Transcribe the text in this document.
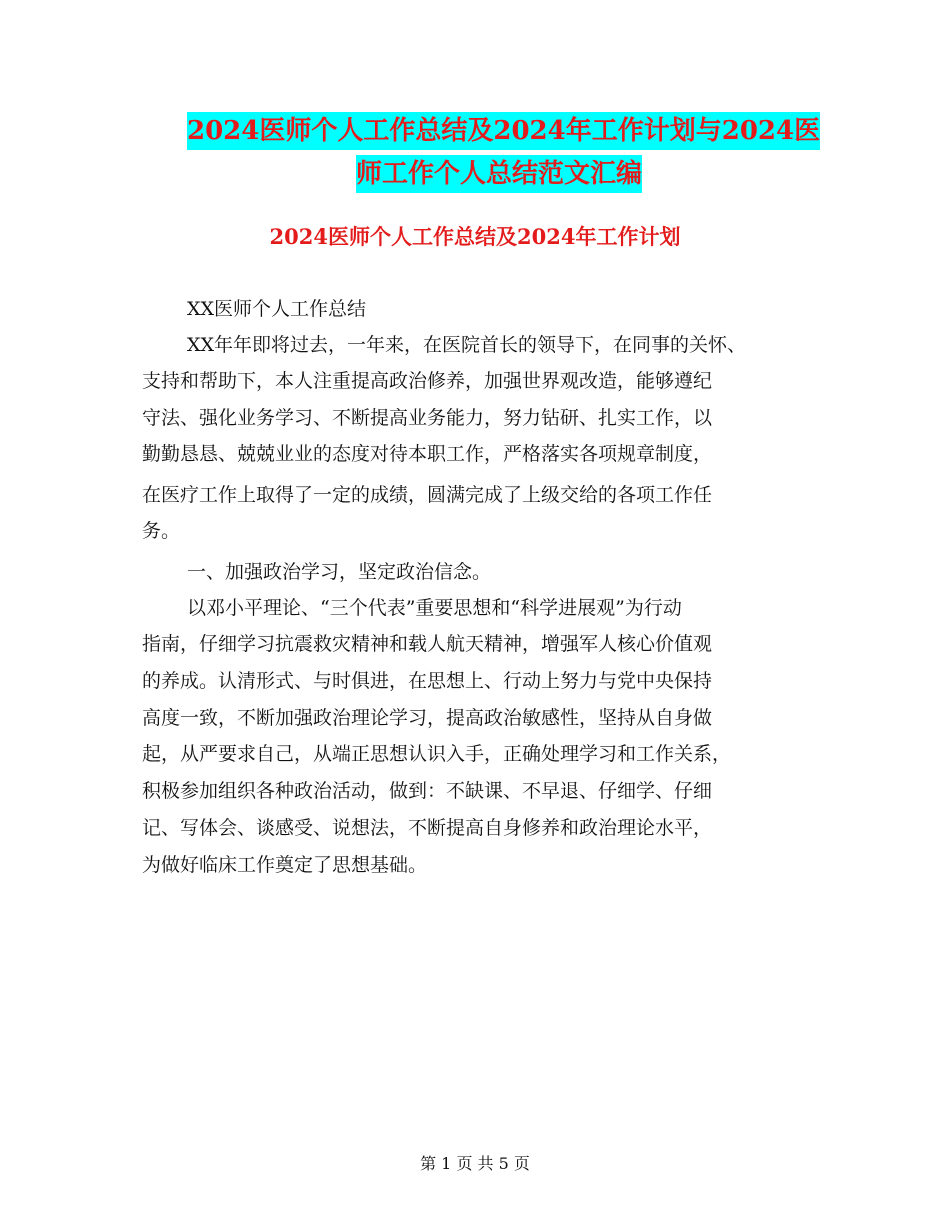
2024医师个人工作总结及2024年工作计划与2024医
师工作个人总结范文汇编
2024医师个人工作总结及2024年工作计划
XX医师个人工作总结
XX年年即将过去，一年来，在医院首长的领导下，在同事的关怀、
支持和帮助下，本人注重提高政治修养，加强世界观改造，能够遵纪
守法、强化业务学习、不断提高业务能力，努力钻研、扎实工作，以
勤勤恳恳、兢兢业业的态度对待本职工作，严格落实各项规章制度，
在医疗工作上取得了一定的成绩，圆满完成了上级交给的各项工作任
务。
一、加强政治学习，坚定政治信念。
以邓小平理论、“三个代表”重要思想和“科学进展观”为行动
指南，仔细学习抗震救灾精神和载人航天精神，增强军人核心价值观
的养成。认清形式、与时俱进，在思想上、行动上努力与党中央保持
高度一致，不断加强政治理论学习，提高政治敏感性，坚持从自身做
起，从严要求自己，从端正思想认识入手，正确处理学习和工作关系，
积极参加组织各种政治活动，做到：不缺课、不早退、仔细学、仔细
记、写体会、谈感受、说想法，不断提高自身修养和政治理论水平，
为做好临床工作奠定了思想基础。
第 1 页 共 5 页
